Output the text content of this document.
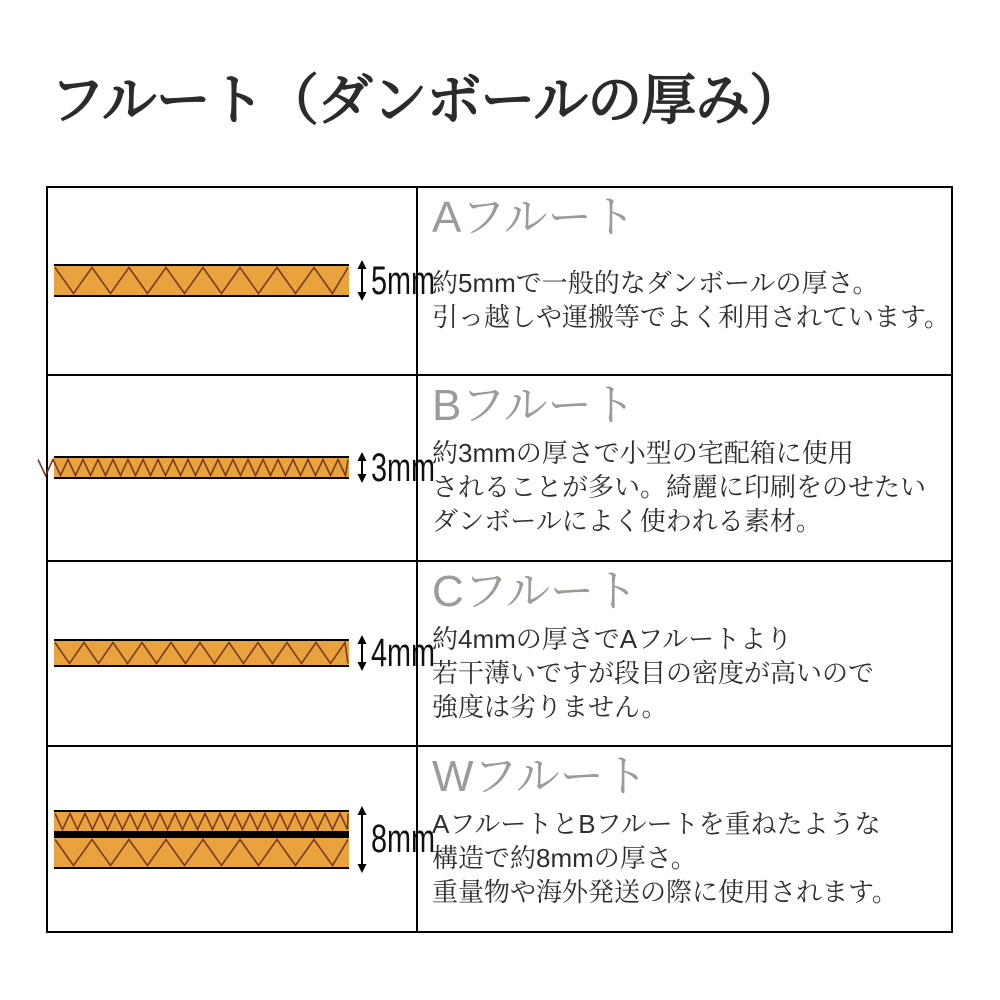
フルート（ダンボールの厚み）
5mm
Aフルート
約5mmで一般的なダンボールの厚さ。
引っ越しや運搬等でよく利用されています。
3mm
Bフルート
約3mmの厚さで小型の宅配箱に使用
されることが多い。綺麗に印刷をのせたい
ダンボールによく使われる素材。
4mm
Cフルート
約4mmの厚さでAフルートより
若干薄いですが段目の密度が高いので
強度は劣りません。
8mm
Wフルート
AフルートとBフルートを重ねたような
構造で約8mmの厚さ。
重量物や海外発送の際に使用されます。
